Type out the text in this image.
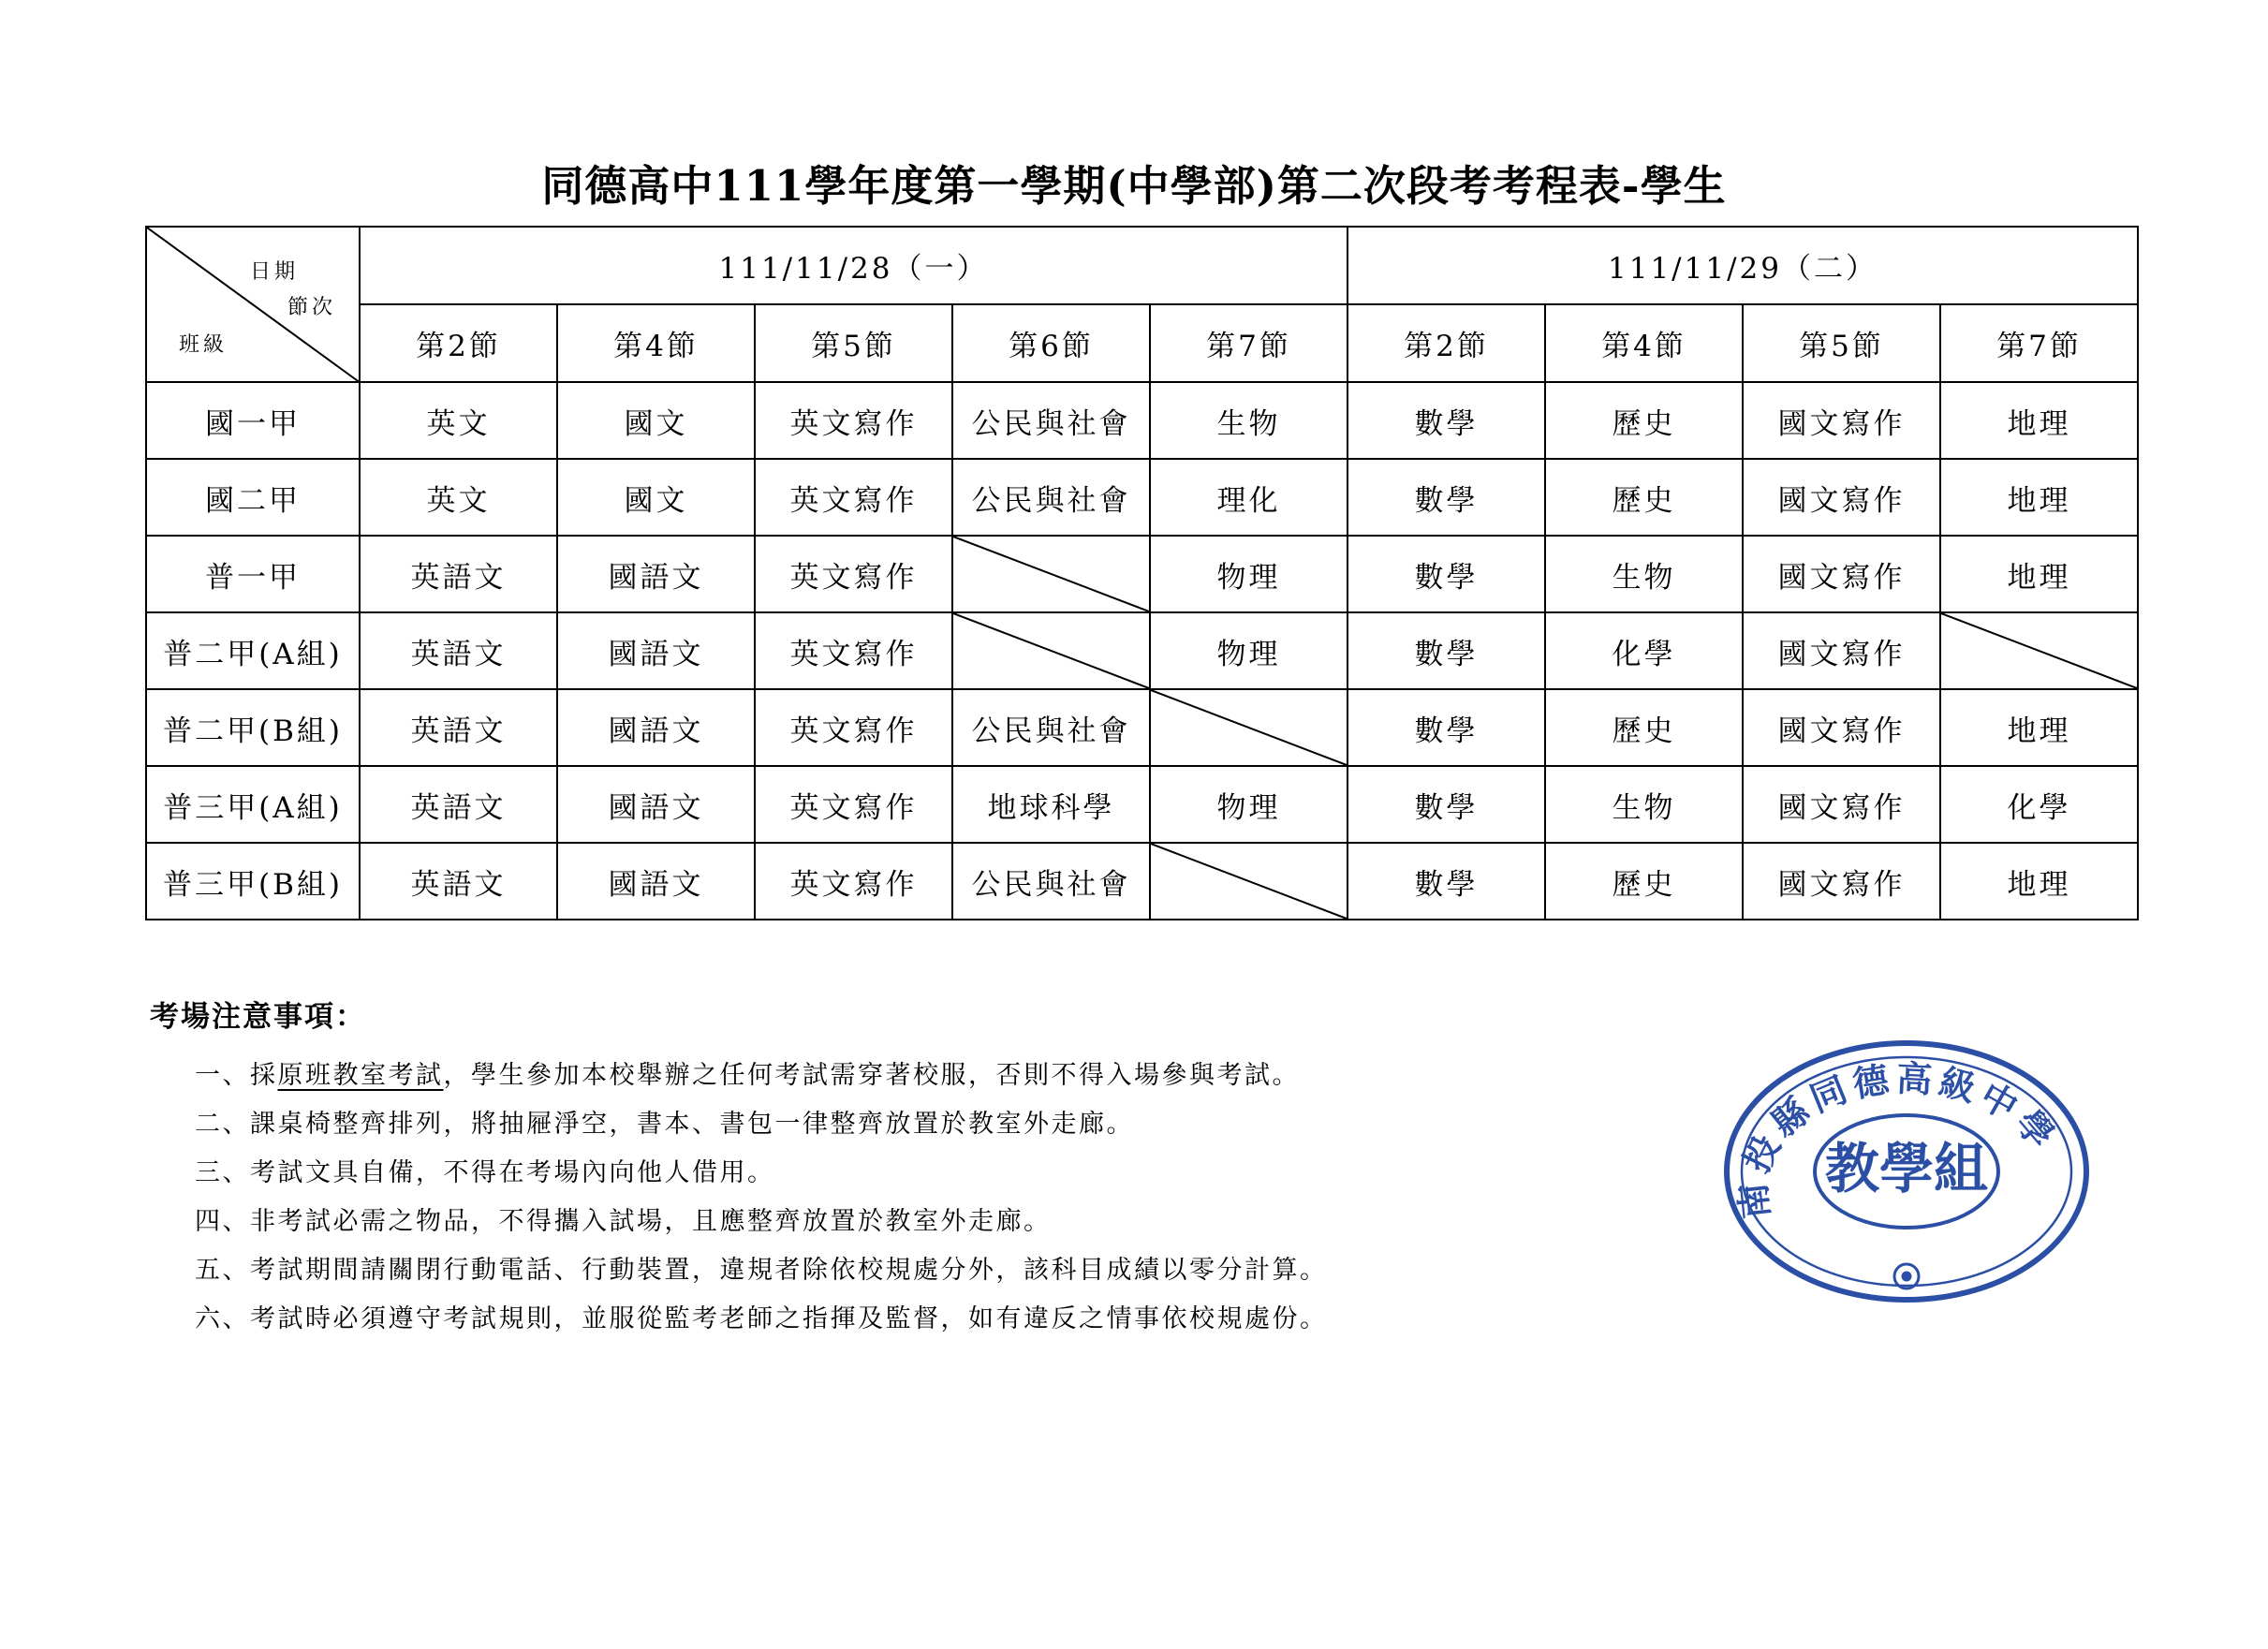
同德高中111學年度第一學期(中學部)第二次段考考程表-學生
日期
節次
班級	111/11/28（一）					111/11/29（二）			
	第2節	第4節	第5節	第6節	第7節	第2節	第4節	第5節	第7節
國一甲	英文	國文	英文寫作	公民與社會	生物	數學	歷史	國文寫作	地理
國二甲	英文	國文	英文寫作	公民與社會	理化	數學	歷史	國文寫作	地理
普一甲	英語文	國語文	英文寫作		物理	數學	生物	國文寫作	地理
普二甲(A組)	英語文	國語文	英文寫作		物理	數學	化學	國文寫作	

普二甲(B組)	英語文	國語文	英文寫作	公民與社會		數學	歷史	國文寫作	地理
普三甲(A組)	英語文	國語文	英文寫作	地球科學	物理	數學	生物	國文寫作	化學
普三甲(B組)	英語文	國語文	英文寫作	公民與社會		數學	歷史	國文寫作	地理
考場注意事項：
一、採原班教室考試，學生參加本校舉辦之任何考試需穿著校服，否則不得入場參與考試。
二、課桌椅整齊排列，將抽屜淨空，書本、書包一律整齊放置於教室外走廊。
三、考試文具自備，不得在考場內向他人借用。
四、非考試必需之物品，不得攜入試場，且應整齊放置於教室外走廊。
五、考試期間請關閉行動電話、行動裝置，違規者除依校規處分外，該科目成績以零分計算。
六、考試時必須遵守考試規則，並服從監考老師之指揮及監督，如有違反之情事依校規處份。
南投縣同德高級中學
教學組
